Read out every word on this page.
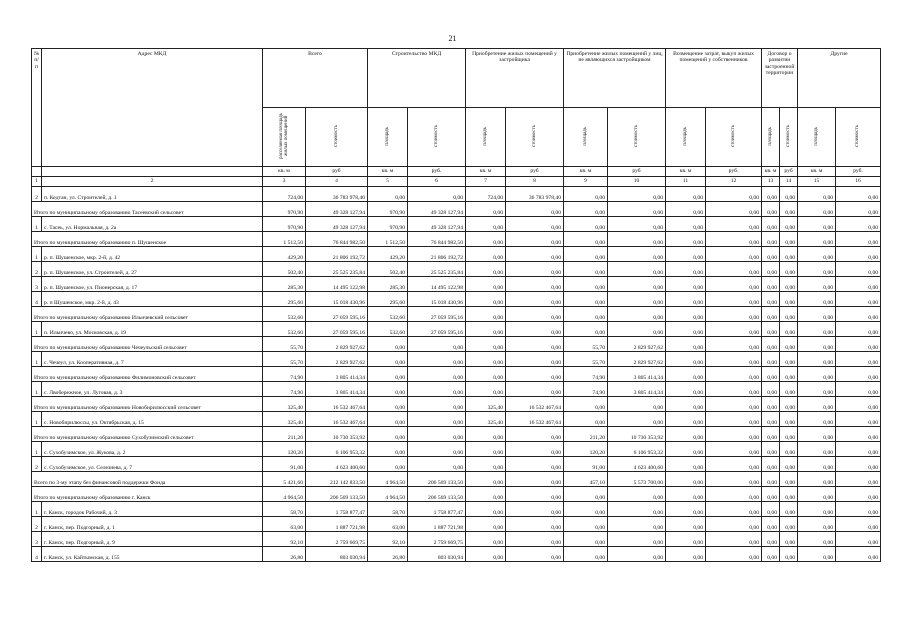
21
№ п/п	Адрес МКД	Всего		Строительство МКД		Приобретение жилых помещений у застройщика		Приобретение жилых помещений у лиц, не являющихся застройщиком		Возмещение затрат, выкуп жилых помещений у собственников		Договор о развитии застроенной территории		Другие	
		расселяемая площадь жилых помещений	стоимость	площадь	стоимость	площадь	стоимость	площадь	стоимость	площадь	стоимость	площадь	стоимость	площадь	стоимость
		кв. м	руб	кв. м	руб.	кв. м	руб	кв. м	руб	кв. м	руб.	кв. м	руб	кв. м	руб.
1	2	3	4	5	6	7	8	9	10	11	12	13	14	15	16
2	п. Кедтан, ул. Строителей, д. 1	724,00	36 783 978,40	0,00	0,00	724,00	36 783 978,40	0,00	0,00	0,00	0,00	0,00	0,00	0,00	0,00
Итого по муниципальному образованию Тасеевский сельсовет		970,90	49 328 127,94	970,90	49 328 127,94	0,00	0,00	0,00	0,00	0,00	0,00	0,00	0,00	0,00	0,00
1	с. Тасеь, ул. Нормальная, д. 2а	970,90	49 328 127,94	970,90	49 328 127,94	0,00	0,00	0,00	0,00	0,00	0,00	0,00	0,00	0,00	0,00
Итого по муниципальному образованию п. Шушенское		1 512,50	76 844 982,50	1 512,50	76 844 982,50	0,00	0,00	0,00	0,00	0,00	0,00	0,00	0,00	0,00	0,00
1	р. п. Шушенское, мкр. 2-й, д. 42	429,20	21 806 192,72	429,20	21 806 192,72	0,00	0,00	0,00	0,00	0,00	0,00	0,00	0,00	0,00	0,00
2	р. п. Шушенское, ул. Строителей, д. 27	502,40	25 525 235,84	502,40	25 525 235,84	0,00	0,00	0,00	0,00	0,00	0,00	0,00	0,00	0,00	0,00
3	р. п. Шушенское, ул. Пионерская, д. 17	285,30	14 495 122,98	285,30	14 495 122,98	0,00	0,00	0,00	0,00	0,00	0,00	0,00	0,00	0,00	0,00
4	р. п Шушенское, мкр. 2-й, д. 43	295,60	15 018 430,96	295,60	15 018 430,96	0,00	0,00	0,00	0,00	0,00	0,00	0,00	0,00	0,00	0,00
Итого по муниципальному образованию Ильичевский сельсовет		532,60	27 059 595,16	532,60	27 059 595,16	0,00	0,00	0,00	0,00	0,00	0,00	0,00	0,00	0,00	0,00
1	п. Ильичево, ул. Московская, д. 19	532,60	27 059 595,16	532,60	27 059 595,16	0,00	0,00	0,00	0,00	0,00	0,00	0,00	0,00	0,00	0,00
Итого по муниципальному образованию Чечеульский сельсовет		55,70	2 829 927,62	0,00	0,00	0,00	0,00	55,70	2 829 927,62	0,00	0,00	0,00	0,00	0,00	0,00
1	с. Чечеул, ул. Кооперативная, д. 7	55,70	2 829 927,62	0,00	0,00	0,00	0,00	55,70	2 829 927,62	0,00	0,00	0,00	0,00	0,00	0,00
Итого по муниципальному образованию Филимоновский сельсовет		74,90	3 805 414,34	0,00	0,00	0,00	0,00	74,90	3 805 414,34	0,00	0,00	0,00	0,00	0,00	0,00
1	с. Лвобережное, ул. Луговая, д. 3	74,90	3 805 414,34	0,00	0,00	0,00	0,00	74,90	3 805 414,34	0,00	0,00	0,00	0,00	0,00	0,00
Итого по муниципальному образованию Новобирилюсский сельсовет		325,40	16 532 467,64	0,00	0,00	325,40	16 532 467,64	0,00	0,00	0,00	0,00	0,00	0,00	0,00	0,00
1	с. Новобирилюссы, ул. Октябрьская, д. 15	325,40	16 532 467,64	0,00	0,00	325,40	16 532 467,64	0,00	0,00	0,00	0,00	0,00	0,00	0,00	0,00
Итого по муниципальному образованию Сухобузимский сельсовет		211,20	10 730 353,92	0,00	0,00	0,00	0,00	211,20	10 730 353,92	0,00	0,00	0,00	0,00	0,00	0,00
1	с. Сухобузимское, ул. Жукова, д. 2	120,20	6 106 953,32	0,00	0,00	0,00	0,00	120,20	6 106 953,32	0,00	0,00	0,00	0,00	0,00	0,00
2	с. Сухобузимское, ул. Селезнева, д. 7	91,00	4 623 400,60	0,00	0,00	0,00	0,00	91,00	4 623 400,60	0,00	0,00	0,00	0,00	0,00	0,00
Всего по 3-му этапу без финансовой поддержки Фонда		5 421,60	212 142 833,50	4 964,50	206 569 133,50	0,00	0,00	457,10	5 573 700,00	0,00	0,00	0,00	0,00	0,00	0,00
Итого по муниципальному образованию г. Канск		4 964,50	206 569 133,50	4 964,50	206 569 133,50	0,00	0,00	0,00	0,00	0,00	0,00	0,00	0,00	0,00	0,00
1	г. Канск, городок Рабочий, д. 3	58,70	1 758 877,47	58,70	1 758 877,47	0,00	0,00	0,00	0,00	0,00	0,00	0,00	0,00	0,00	0,00
2	г. Канск, пер. Подгорный, д. 1	63,00	1 887 721,98	63,00	1 887 721,98	0,00	0,00	0,00	0,00	0,00	0,00	0,00	0,00	0,00	0,00
3	г. Канск, пер. Подгорный, д. 9	92,10	2 759 669,75	92,10	2 759 669,75	0,00	0,00	0,00	0,00	0,00	0,00	0,00	0,00	0,00	0,00
4	г. Канск, ул. Кайтымская, д. 155	26,80	803 030,94	26,80	803 030,94	0,00	0,00	0,00	0,00	0,00	0,00	0,00	0,00	0,00	0,00
